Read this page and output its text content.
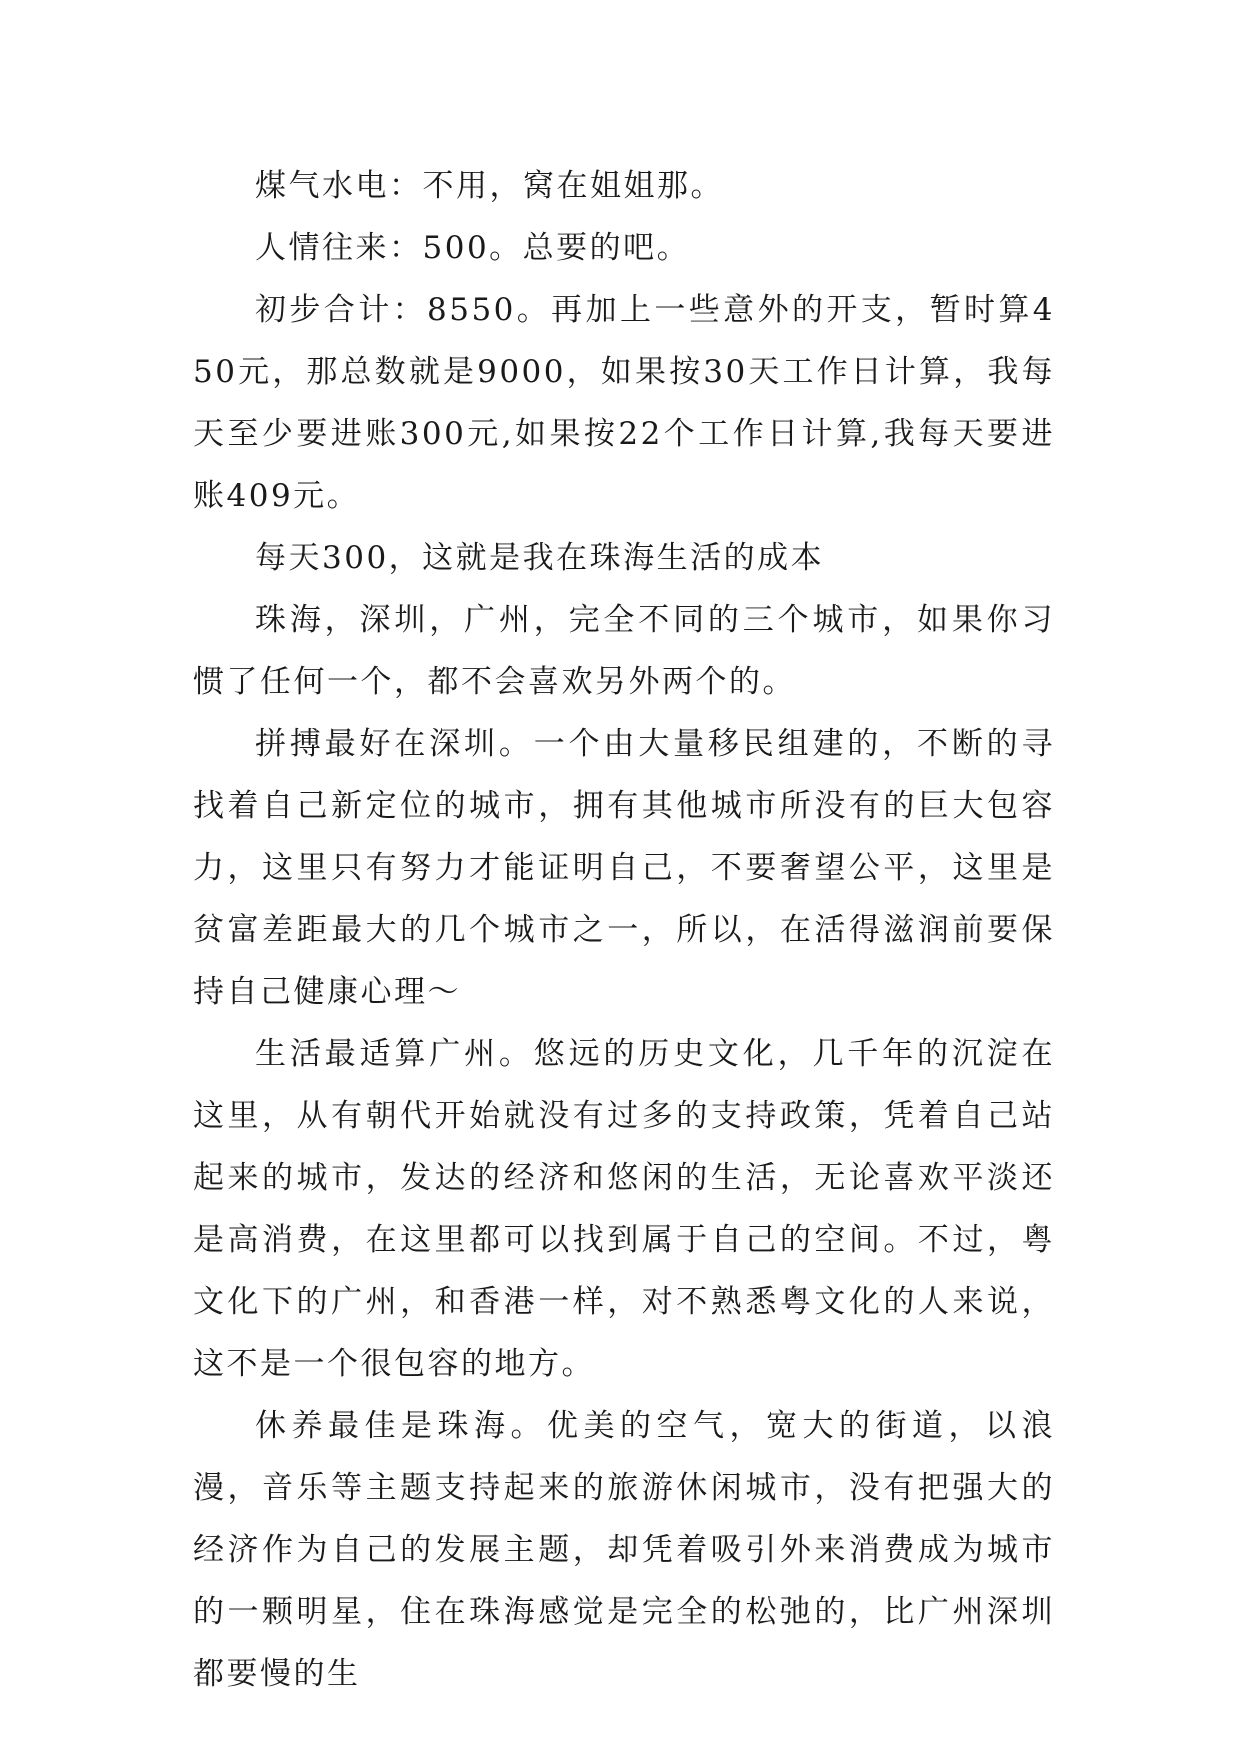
煤气水电：不用，窝在姐姐那。

人情往来：500。总要的吧。

初步合计：8550。再加上一些意外的开支，暂时算450元，那总数就是9000，如果按30天工作日计算，我每天至少要进账300元,如果按22个工作日计算,我每天要进账409元。

每天300，这就是我在珠海生活的成本

珠海，深圳，广州，完全不同的三个城市，如果你习惯了任何一个，都不会喜欢另外两个的。

拼搏最好在深圳。一个由大量移民组建的，不断的寻找着自己新定位的城市，拥有其他城市所没有的巨大包容力，这里只有努力才能证明自己，不要奢望公平，这里是贫富差距最大的几个城市之一，所以，在活得滋润前要保持自己健康心理～

生活最适算广州。悠远的历史文化，几千年的沉淀在这里，从有朝代开始就没有过多的支持政策，凭着自己站起来的城市，发达的经济和悠闲的生活，无论喜欢平淡还是高消费，在这里都可以找到属于自己的空间。不过，粤文化下的广州，和香港一样，对不熟悉粤文化的人来说，这不是一个很包容的地方。

休养最佳是珠海。优美的空气，宽大的街道，以浪漫，音乐等主题支持起来的旅游休闲城市，没有把强大的经济作为自己的发展主题，却凭着吸引外来消费成为城市的一颗明星，住在珠海感觉是完全的松弛的，比广州深圳都要慢的生
